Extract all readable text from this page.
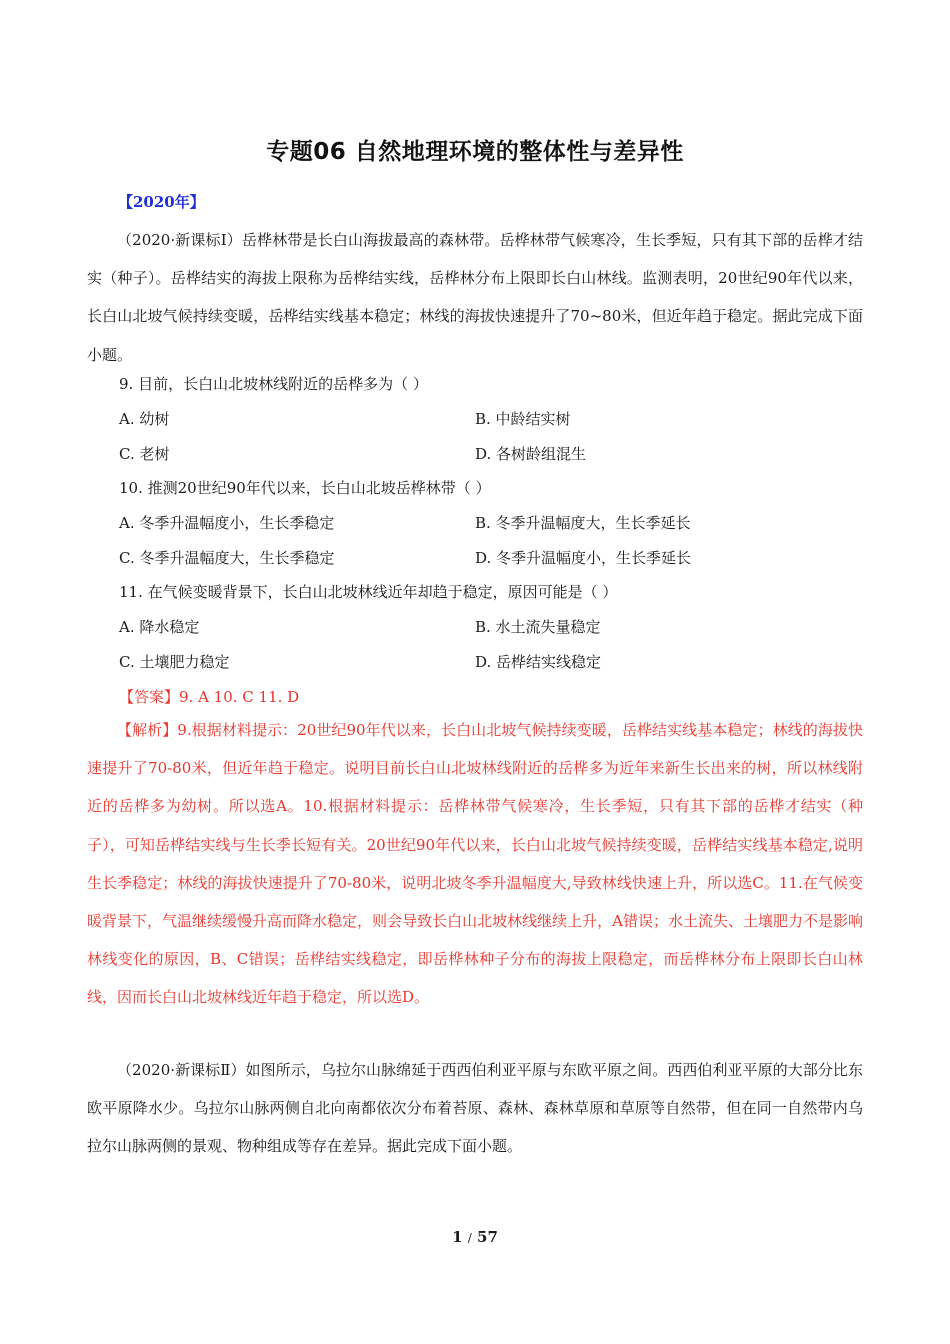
专题06 自然地理环境的整体性与差异性
【2020年】

（2020·新课标Ⅰ）岳桦林带是长白山海拔最高的森林带。岳桦林带气候寒冷，生长季短，只有其下部的岳桦才结实（种子）。岳桦结实的海拔上限称为岳桦结实线，岳桦林分布上限即长白山林线。监测表明，20世纪90年代以来，长白山北坡气候持续变暖，岳桦结实线基本稳定；林线的海拔快速提升了70~80米，但近年趋于稳定。据此完成下面小题。

9. 目前，长白山北坡林线附近的岳桦多为（ ）
A. 幼树	B. 中龄结实树
C. 老树	D. 各树龄组混生
10. 推测20世纪90年代以来，长白山北坡岳桦林带（ ）
A. 冬季升温幅度小，生长季稳定	B. 冬季升温幅度大，生长季延长
C. 冬季升温幅度大，生长季稳定	D. 冬季升温幅度小，生长季延长
11. 在气候变暖背景下，长白山北坡林线近年却趋于稳定，原因可能是（ ）
A. 降水稳定	B. 水土流失量稳定
C. 土壤肥力稳定	D. 岳桦结实线稳定
【答案】9. A 10. C 11. D

【解析】9.根据材料提示：20世纪90年代以来，长白山北坡气候持续变暖，岳桦结实线基本稳定；林线的海拔快速提升了70-80米，但近年趋于稳定。说明目前长白山北坡林线附近的岳桦多为近年来新生长出来的树，所以林线附近的岳桦多为幼树。所以选A。10.根据材料提示：岳桦林带气候寒冷，生长季短，只有其下部的岳桦才结实（种子），可知岳桦结实线与生长季长短有关。20世纪90年代以来，长白山北坡气候持续变暖，岳桦结实线基本稳定,说明生长季稳定；林线的海拔快速提升了70-80米，说明北坡冬季升温幅度大,导致林线快速上升，所以选C。11.在气候变暖背景下，气温继续缓慢升高而降水稳定，则会导致长白山北坡林线继续上升，A错误；水土流失、土壤肥力不是影响林线变化的原因，B、C错误；岳桦结实线稳定，即岳桦林种子分布的海拔上限稳定，而岳桦林分布上限即长白山林线，因而长白山北坡林线近年趋于稳定，所以选D。

（2020·新课标Ⅱ）如图所示，乌拉尔山脉绵延于西西伯利亚平原与东欧平原之间。西西伯利亚平原的大部分比东欧平原降水少。乌拉尔山脉两侧自北向南都依次分布着苔原、森林、森林草原和草原等自然带，但在同一自然带内乌拉尔山脉两侧的景观、物种组成等存在差异。据此完成下面小题。

1 / 57
